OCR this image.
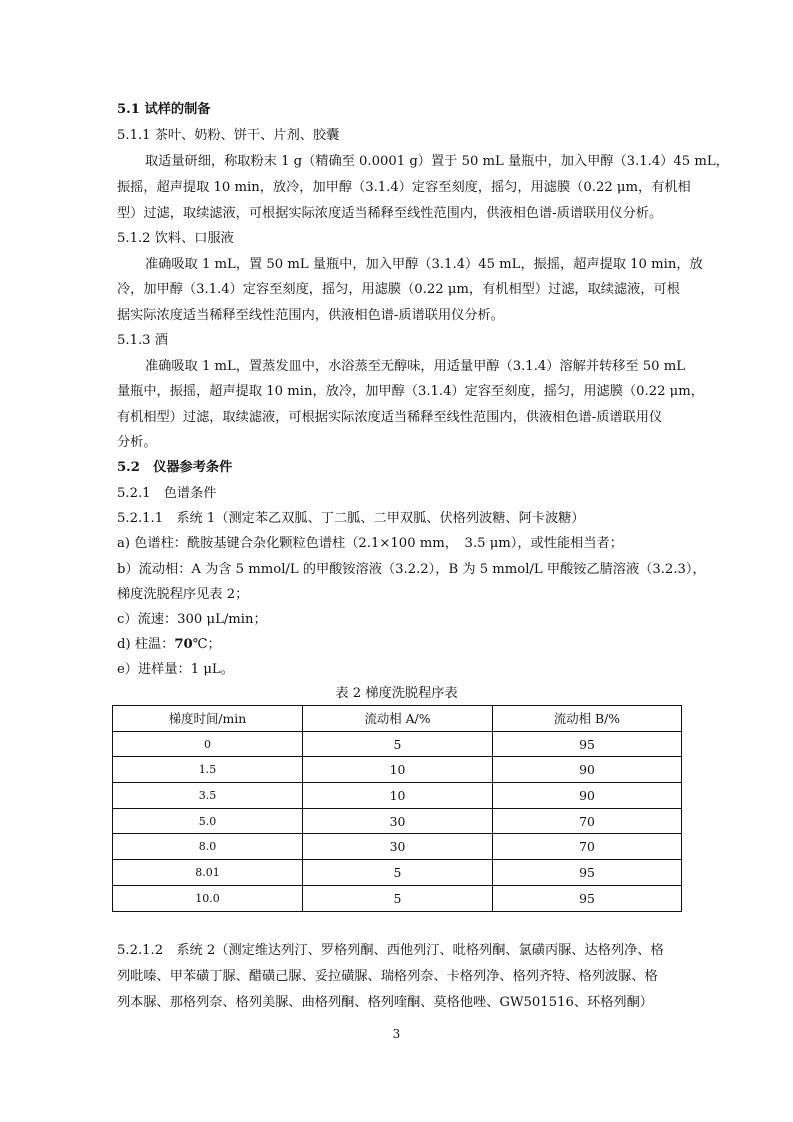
5.1 试样的制备
5.1.1 茶叶、奶粉、饼干、片剂、胶囊
取适量研细，称取粉末 1 g（精确至 0.0001 g）置于 50 mL 量瓶中，加入甲醇（3.1.4）45 mL，
振摇，超声提取 10 min，放冷，加甲醇（3.1.4）定容至刻度，摇匀，用滤膜（0.22 μm，有机相
型）过滤，取续滤液，可根据实际浓度适当稀释至线性范围内，供液相色谱-质谱联用仪分析。
5.1.2 饮料、口服液
准确吸取 1 mL，置 50 mL 量瓶中，加入甲醇（3.1.4）45 mL，振摇，超声提取 10 min，放
冷，加甲醇（3.1.4）定容至刻度，摇匀，用滤膜（0.22 μm，有机相型）过滤，取续滤液，可根
据实际浓度适当稀释至线性范围内，供液相色谱-质谱联用仪分析。
5.1.3 酒
准确吸取 1 mL，置蒸发皿中，水浴蒸至无醇味，用适量甲醇（3.1.4）溶解并转移至 50 mL
量瓶中，振摇，超声提取 10 min，放冷，加甲醇（3.1.4）定容至刻度，摇匀，用滤膜（0.22 μm，
有机相型）过滤，取续滤液，可根据实际浓度适当稀释至线性范围内，供液相色谱-质谱联用仪
分析。
5.2　仪器参考条件
5.2.1　色谱条件
5.2.1.1　系统 1（测定苯乙双胍、丁二胍、二甲双胍、伏格列波糖、阿卡波糖）
a) 色谱柱：酰胺基键合杂化颗粒色谱柱（2.1×100 mm，　3.5 μm），或性能相当者；
b）流动相：A 为含 5 mmol/L 的甲酸铵溶液（3.2.2），B 为 5 mmol/L 甲酸铵乙腈溶液（3.2.3），
梯度洗脱程序见表 2；
c）流速：300 μL/min；
d) 柱温：70℃；
e）进样量：1 μL。
表 2 梯度洗脱程序表
梯度时间/min	流动相 A/%	流动相 B/%
0	5	95
1.5	10	90
3.5	10	90
5.0	30	70
8.0	30	70
8.01	5	95
10.0	5	95
5.2.1.2　系统 2（测定维达列汀、罗格列酮、西他列汀、吡格列酮、氯磺丙脲、达格列净、格
列吡嗪、甲苯磺丁脲、醋磺己脲、妥拉磺脲、瑞格列奈、卡格列净、格列齐特、格列波脲、格
列本脲、那格列奈、格列美脲、曲格列酮、格列喹酮、莫格他唑、GW501516、环格列酮）
3
